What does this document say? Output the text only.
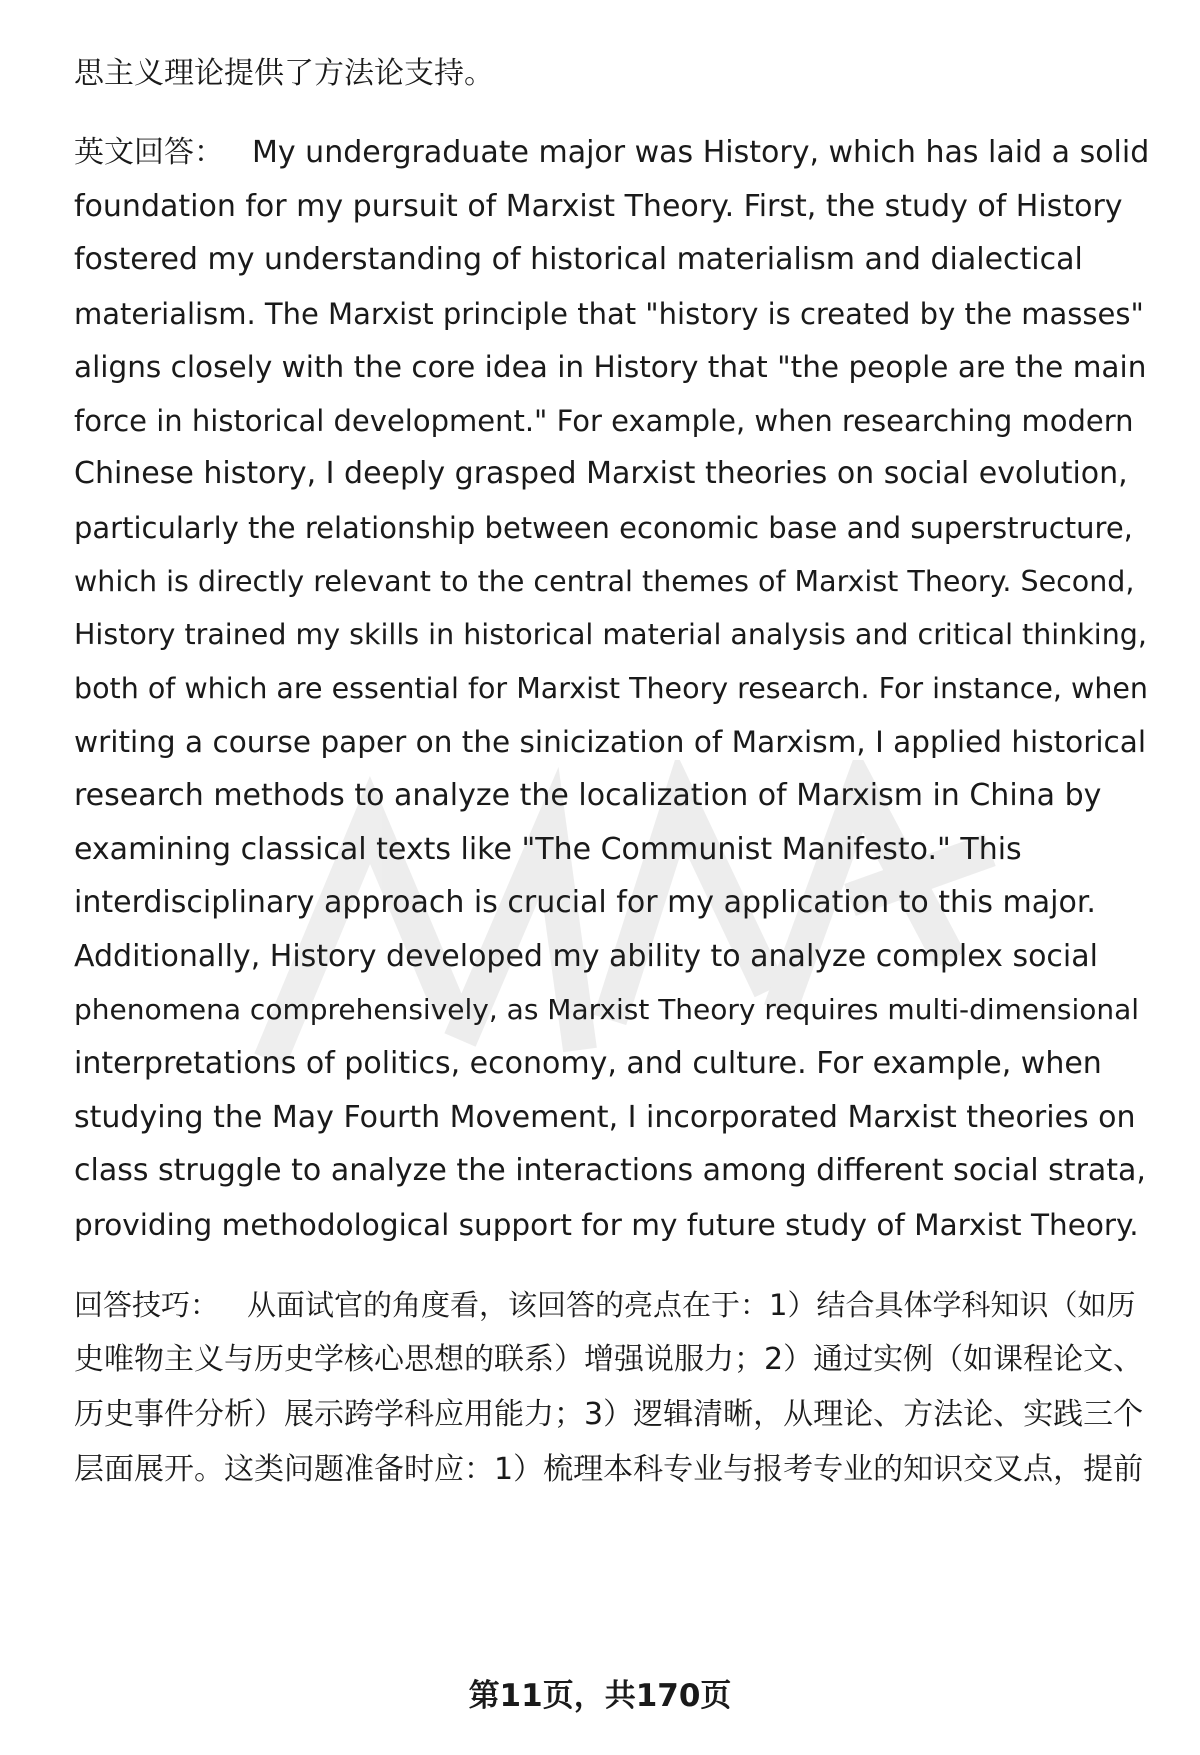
思主义理论提供了方法论支持。
英文回答： My undergraduate major was History, which has laid a solid
foundation for my pursuit of Marxist Theory. First, the study of History
fostered my understanding of historical materialism and dialectical
materialism. The Marxist principle that "history is created by the masses"
aligns closely with the core idea in History that "the people are the main
force in historical development." For example, when researching modern
Chinese history, I deeply grasped Marxist theories on social evolution,
particularly the relationship between economic base and superstructure,
which is directly relevant to the central themes of Marxist Theory. Second,
History trained my skills in historical material analysis and critical thinking,
both of which are essential for Marxist Theory research. For instance, when
writing a course paper on the sinicization of Marxism, I applied historical
research methods to analyze the localization of Marxism in China by
examining classical texts like "The Communist Manifesto." This
interdisciplinary approach is crucial for my application to this major.
Additionally, History developed my ability to analyze complex social
phenomena comprehensively, as Marxist Theory requires multi-dimensional
interpretations of politics, economy, and culture. For example, when
studying the May Fourth Movement, I incorporated Marxist theories on
class struggle to analyze the interactions among different social strata,
providing methodological support for my future study of Marxist Theory.
回答技巧： 从面试官的角度看，该回答的亮点在于：1）结合具体学科知识（如历
史唯物主义与历史学核心思想的联系）增强说服力；2）通过实例（如课程论文、
历史事件分析）展示跨学科应用能力；3）逻辑清晰，从理论、方法论、实践三个
层面展开。这类问题准备时应：1）梳理本科专业与报考专业的知识交叉点，提前
第11页，共170页
